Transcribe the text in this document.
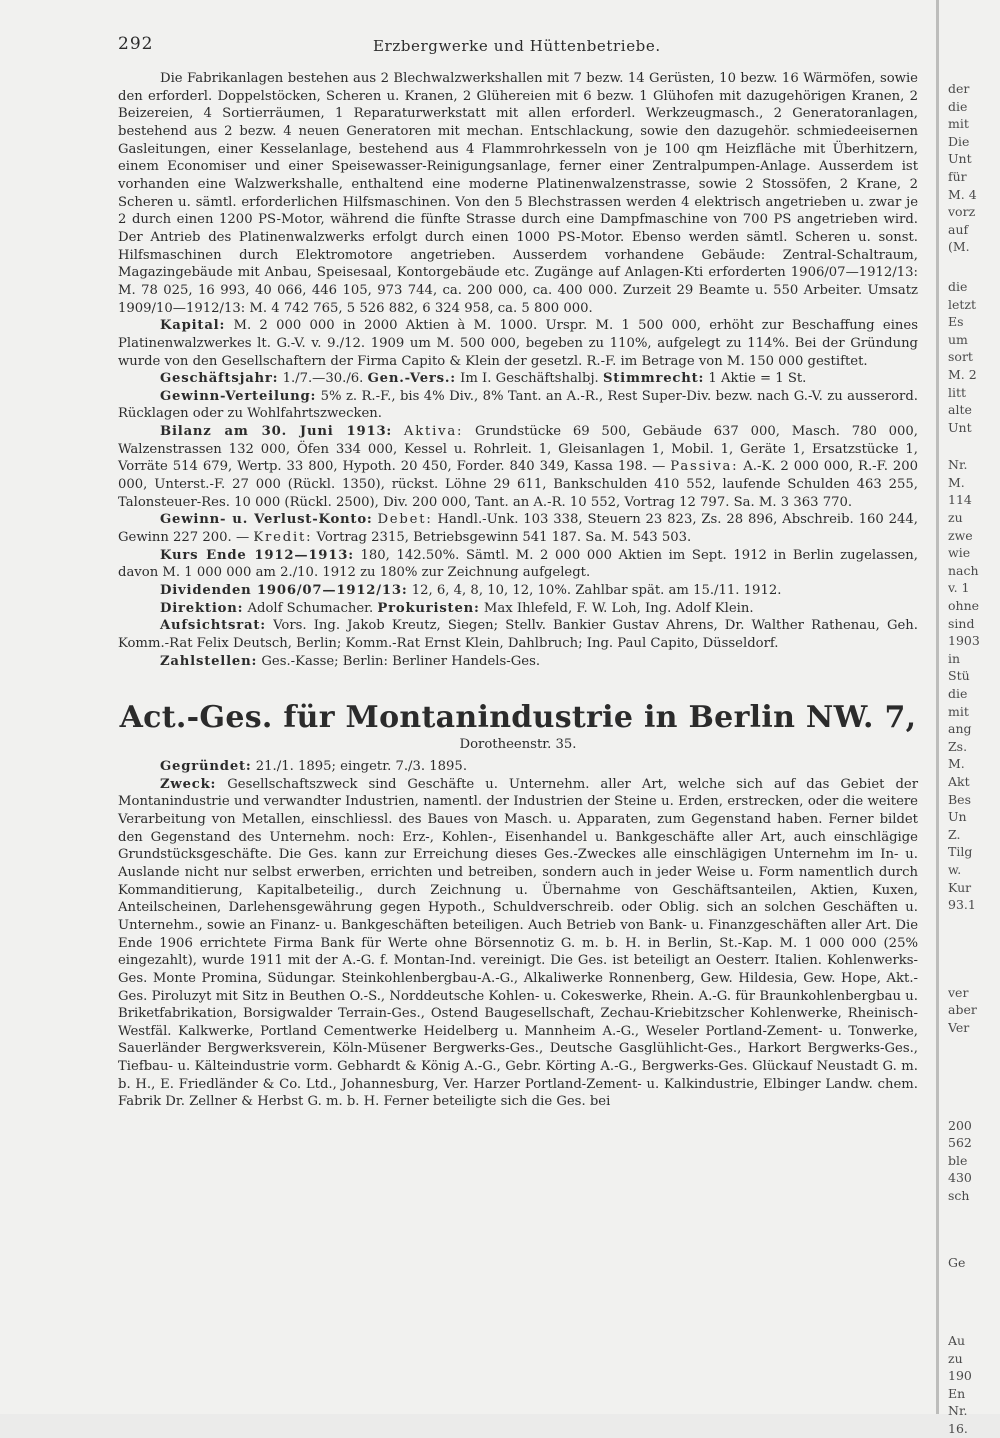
292	Erzbergwerke und Hüttenbetriebe.

Die Fabrikanlagen bestehen aus 2 Blechwalzwerkshallen mit 7 bezw. 14 Gerüsten, 10 bezw. 16 Wärmöfen, sowie den erforderl. Doppelstöcken, Scheren u. Kranen, 2 Glühereien mit 6 bezw. 1 Glühofen mit dazugehörigen Kranen, 2 Beizereien, 4 Sortierräumen, 1 Reparaturwerkstatt mit allen erforderl. Werkzeugmasch., 2 Generatoranlagen, bestehend aus 2 bezw. 4 neuen Generatoren mit mechan. Entschlackung, sowie den dazugehör. schmiedeeisernen Gasleitungen, einer Kesselanlage, bestehend aus 4 Flammrohrkesseln von je 100 qm Heizfläche mit Überhitzern, einem Economiser und einer Speisewasser-Reinigungsanlage, ferner einer Zentralpumpen-Anlage. Ausserdem ist vorhanden eine Walzwerkshalle, enthaltend eine moderne Platinenwalzenstrasse, sowie 2 Stossöfen, 2 Krane, 2 Scheren u. sämtl. erforderlichen Hilfsmaschinen. Von den 5 Blechstrassen werden 4 elektrisch angetrieben u. zwar je 2 durch einen 1200 PS-Motor, während die fünfte Strasse durch eine Dampfmaschine von 700 PS angetrieben wird. Der Antrieb des Platinenwalzwerks erfolgt durch einen 1000 PS-Motor. Ebenso werden sämtl. Scheren u. sonst. Hilfsmaschinen durch Elektromotore angetrieben. Ausserdem vorhandene Gebäude: Zentral-Schaltraum, Magazingebäude mit Anbau, Speisesaal, Kontorgebäude etc. Zugänge auf Anlagen-Kti erforderten 1906/07—1912/13: M. 78 025, 16 993, 40 066, 446 105, 973 744, ca. 200 000, ca. 400 000. Zurzeit 29 Beamte u. 550 Arbeiter. Umsatz 1909/10—1912/13: M. 4 742 765, 5 526 882, 6 324 958, ca. 5 800 000.

Kapital: M. 2 000 000 in 2000 Aktien à M. 1000. Urspr. M. 1 500 000, erhöht zur Beschaffung eines Platinenwalzwerkes lt. G.-V. v. 9./12. 1909 um M. 500 000, begeben zu 110%, aufgelegt zu 114%. Bei der Gründung wurde von den Gesellschaftern der Firma Capito & Klein der gesetzl. R.-F. im Betrage von M. 150 000 gestiftet.

Geschäftsjahr: 1./7.—30./6. Gen.-Vers.: Im I. Geschäftshalbj. Stimmrecht: 1 Aktie = 1 St.

Gewinn-Verteilung: 5% z. R.-F., bis 4% Div., 8% Tant. an A.-R., Rest Super-Div. bezw. nach G.-V. zu ausserord. Rücklagen oder zu Wohlfahrtszwecken.

Bilanz am 30. Juni 1913: Aktiva: Grundstücke 69 500, Gebäude 637 000, Masch. 780 000, Walzenstrassen 132 000, Öfen 334 000, Kessel u. Rohrleit. 1, Gleisanlagen 1, Mobil. 1, Geräte 1, Ersatzstücke 1, Vorräte 514 679, Wertp. 33 800, Hypoth. 20 450, Forder. 840 349, Kassa 198. — Passiva: A.-K. 2 000 000, R.-F. 200 000, Unterst.-F. 27 000 (Rückl. 1350), rückst. Löhne 29 611, Bankschulden 410 552, laufende Schulden 463 255, Talonsteuer-Res. 10 000 (Rückl. 2500), Div. 200 000, Tant. an A.-R. 10 552, Vortrag 12 797. Sa. M. 3 363 770.

Gewinn- u. Verlust-Konto: Debet: Handl.-Unk. 103 338, Steuern 23 823, Zs. 28 896, Abschreib. 160 244, Gewinn 227 200. — Kredit: Vortrag 2315, Betriebsgewinn 541 187. Sa. M. 543 503.

Kurs Ende 1912—1913: 180, 142.50%. Sämtl. M. 2 000 000 Aktien im Sept. 1912 in Berlin zugelassen, davon M. 1 000 000 am 2./10. 1912 zu 180% zur Zeichnung aufgelegt.

Dividenden 1906/07—1912/13: 12, 6, 4, 8, 10, 12, 10%. Zahlbar spät. am 15./11. 1912.

Direktion: Adolf Schumacher. Prokuristen: Max Ihlefeld, F. W. Loh, Ing. Adolf Klein.

Aufsichtsrat: Vors. Ing. Jakob Kreutz, Siegen; Stellv. Bankier Gustav Ahrens, Dr. Walther Rathenau, Geh. Komm.-Rat Felix Deutsch, Berlin; Komm.-Rat Ernst Klein, Dahlbruch; Ing. Paul Capito, Düsseldorf.

Zahlstellen: Ges.-Kasse; Berlin: Berliner Handels-Ges.

Act.-Ges. für Montanindustrie in Berlin NW. 7,
Dorotheenstr. 35.

Gegründet: 21./1. 1895; eingetr. 7./3. 1895.

Zweck: Gesellschaftszweck sind Geschäfte u. Unternehm. aller Art, welche sich auf das Gebiet der Montanindustrie und verwandter Industrien, namentl. der Industrien der Steine u. Erden, erstrecken, oder die weitere Verarbeitung von Metallen, einschliessl. des Baues von Masch. u. Apparaten, zum Gegenstand haben. Ferner bildet den Gegenstand des Unternehm. noch: Erz-, Kohlen-, Eisenhandel u. Bankgeschäfte aller Art, auch einschlägige Grundstücksgeschäfte. Die Ges. kann zur Erreichung dieses Ges.-Zweckes alle einschlägigen Unternehm im In- u. Auslande nicht nur selbst erwerben, errichten und betreiben, sondern auch in jeder Weise u. Form namentlich durch Kommanditierung, Kapitalbeteilig., durch Zeichnung u. Übernahme von Geschäftsanteilen, Aktien, Kuxen, Anteilscheinen, Darlehensgewährung gegen Hypoth., Schuldverschreib. oder Oblig. sich an solchen Geschäften u. Unternehm., sowie an Finanz- u. Bankgeschäften beteiligen. Auch Betrieb von Bank- u. Finanzgeschäften aller Art. Die Ende 1906 errichtete Firma Bank für Werte ohne Börsennotiz G. m. b. H. in Berlin, St.-Kap. M. 1 000 000 (25% eingezahlt), wurde 1911 mit der A.-G. f. Montan-Ind. vereinigt. Die Ges. ist beteiligt an Oesterr. Italien. Kohlenwerks-Ges. Monte Promina, Südungar. Steinkohlenbergbau-A.-G., Alkaliwerke Ronnenberg, Gew. Hildesia, Gew. Hope, Akt.-Ges. Piroluzyt mit Sitz in Beuthen O.-S., Norddeutsche Kohlen- u. Cokeswerke, Rhein. A.-G. für Braunkohlenbergbau u. Briketfabrikation, Borsigwalder Terrain-Ges., Ostend Baugesellschaft, Zechau-Kriebitzscher Kohlenwerke, Rheinisch-Westfäl. Kalkwerke, Portland Cementwerke Heidelberg u. Mannheim A.-G., Weseler Portland-Zement- u. Tonwerke, Sauerländer Bergwerksverein, Köln-Müsener Bergwerks-Ges., Deutsche Gasglühlicht-Ges., Harkort Bergwerks-Ges., Tiefbau- u. Kälteindustrie vorm. Gebhardt & König A.-G., Gebr. Körting A.-G., Bergwerks-Ges. Glückauf Neustadt G. m. b. H., E. Friedländer & Co. Ltd., Johannesburg, Ver. Harzer Portland-Zement- u. Kalkindustrie, Elbinger Landw. chem. Fabrik Dr. Zellner & Herbst G. m. b. H. Ferner beteiligte sich die Ges. bei

der
die
mit
Die
Unt
für
M. 4
vorz
auf
(M.
die
letzt
Es
um
sort
M. 2
litt
alte
Unt
Nr.
M.
114
zu
zwe
wie
nach
v. 1
ohne
sind
1903
in
Stü
die
mit
ang
Zs.
M.
Akt
Bes
Un
Z.
Tilg
w.
Kur
93.1
ver
aber
Ver
200
562
ble
430
sch
Ge
Au
zu
190
En
Nr.
16.
